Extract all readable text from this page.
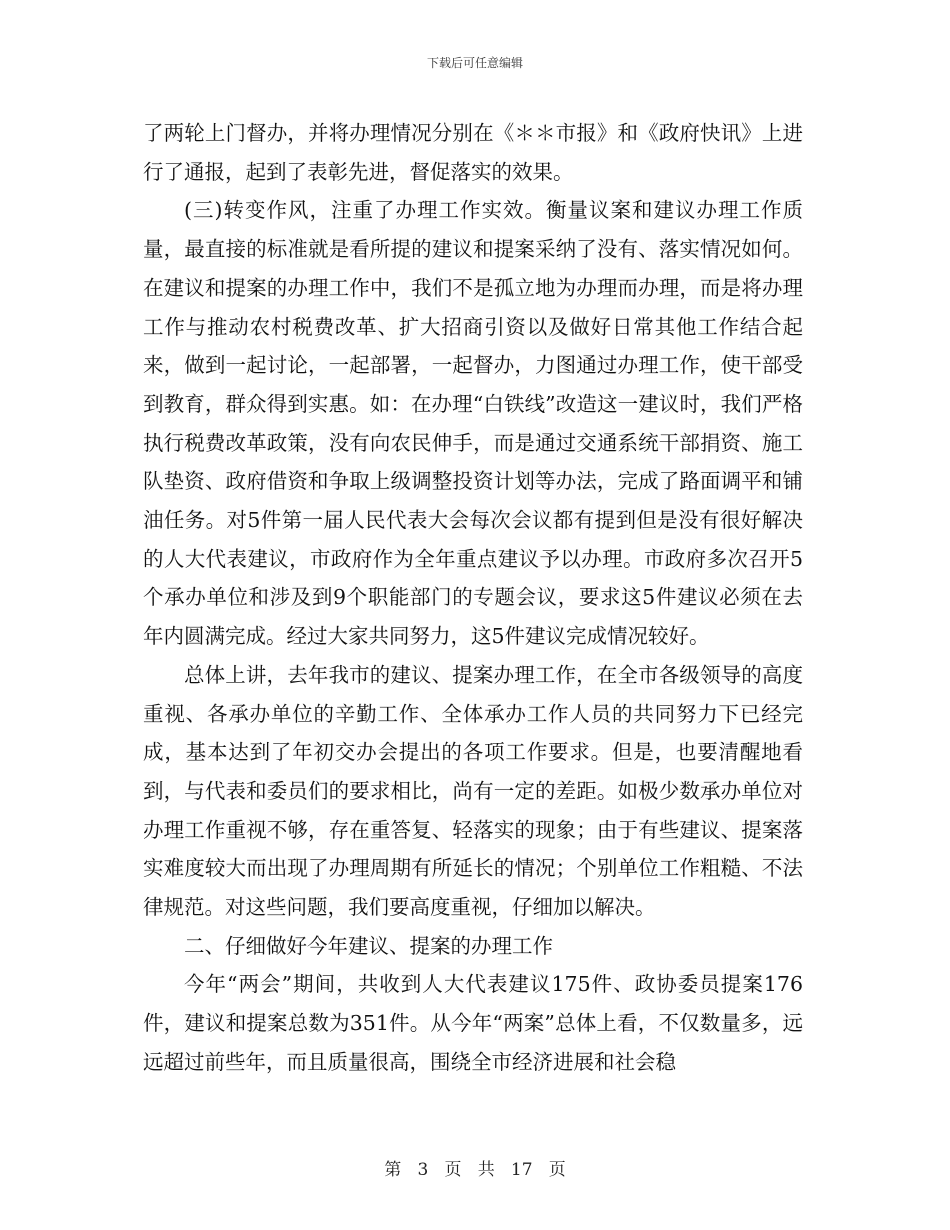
下载后可任意编辑

了两轮上门督办，并将办理情况分别在《＊＊市报》和《政府快讯》上进行了通报，起到了表彰先进，督促落实的效果。

(三)转变作风，注重了办理工作实效。衡量议案和建议办理工作质量，最直接的标准就是看所提的建议和提案采纳了没有、落实情况如何。在建议和提案的办理工作中，我们不是孤立地为办理而办理，而是将办理工作与推动农村税费改革、扩大招商引资以及做好日常其他工作结合起来，做到一起讨论，一起部署，一起督办，力图通过办理工作，使干部受到教育，群众得到实惠。如：在办理“白铁线”改造这一建议时，我们严格执行税费改革政策，没有向农民伸手，而是通过交通系统干部捐资、施工队垫资、政府借资和争取上级调整投资计划等办法，完成了路面调平和铺油任务。对5件第一届人民代表大会每次会议都有提到但是没有很好解决的人大代表建议，市政府作为全年重点建议予以办理。市政府多次召开5个承办单位和涉及到9个职能部门的专题会议，要求这5件建议必须在去年内圆满完成。经过大家共同努力，这5件建议完成情况较好。

总体上讲，去年我市的建议、提案办理工作，在全市各级领导的高度重视、各承办单位的辛勤工作、全体承办工作人员的共同努力下已经完成，基本达到了年初交办会提出的各项工作要求。但是，也要清醒地看到，与代表和委员们的要求相比，尚有一定的差距。如极少数承办单位对办理工作重视不够，存在重答复、轻落实的现象；由于有些建议、提案落实难度较大而出现了办理周期有所延长的情况；个别单位工作粗糙、不法律规范。对这些问题，我们要高度重视，仔细加以解决。

二、仔细做好今年建议、提案的办理工作

今年“两会”期间，共收到人大代表建议175件、政协委员提案176件，建议和提案总数为351件。从今年“两案”总体上看，不仅数量多，远远超过前些年，而且质量很高，围绕全市经济进展和社会稳

第 3 页 共 17 页
